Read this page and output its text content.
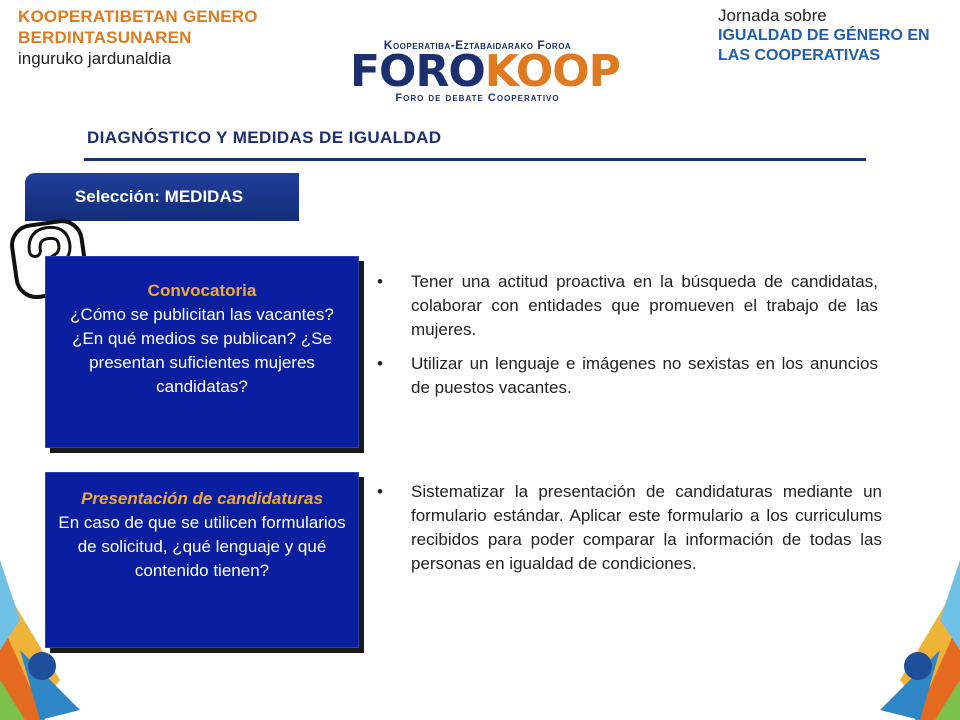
KOOPERATIBETAN GENERO
BERDINTASUNAREN
inguruko jardunaldia
Jornada sobre
IGUALDAD DE GÉNERO EN
LAS COOPERATIVAS
Kooperatiba-Eztabaidarako Foroa
FOROKOOP
Foro de debate Cooperativo
DIAGNÓSTICO Y MEDIDAS DE IGUALDAD
Selección: MEDIDAS
Convocatoria
¿Cómo se publicitan las vacantes? ¿En qué medios se publican? ¿Se presentan suficientes mujeres candidatas?
Presentación de candidaturas
En caso de que se utilicen formularios de solicitud, ¿qué lenguaje y qué contenido tienen?
• Tener una actitud proactiva en la búsqueda de candidatas, colaborar con entidades que promueven el trabajo de las mujeres.
• Utilizar un lenguaje e imágenes no sexistas en los anuncios de puestos vacantes.
• Sistematizar la presentación de candidaturas mediante un formulario estándar. Aplicar este formulario a los curriculums recibidos para poder comparar la información de todas las personas en igualdad de condiciones.
